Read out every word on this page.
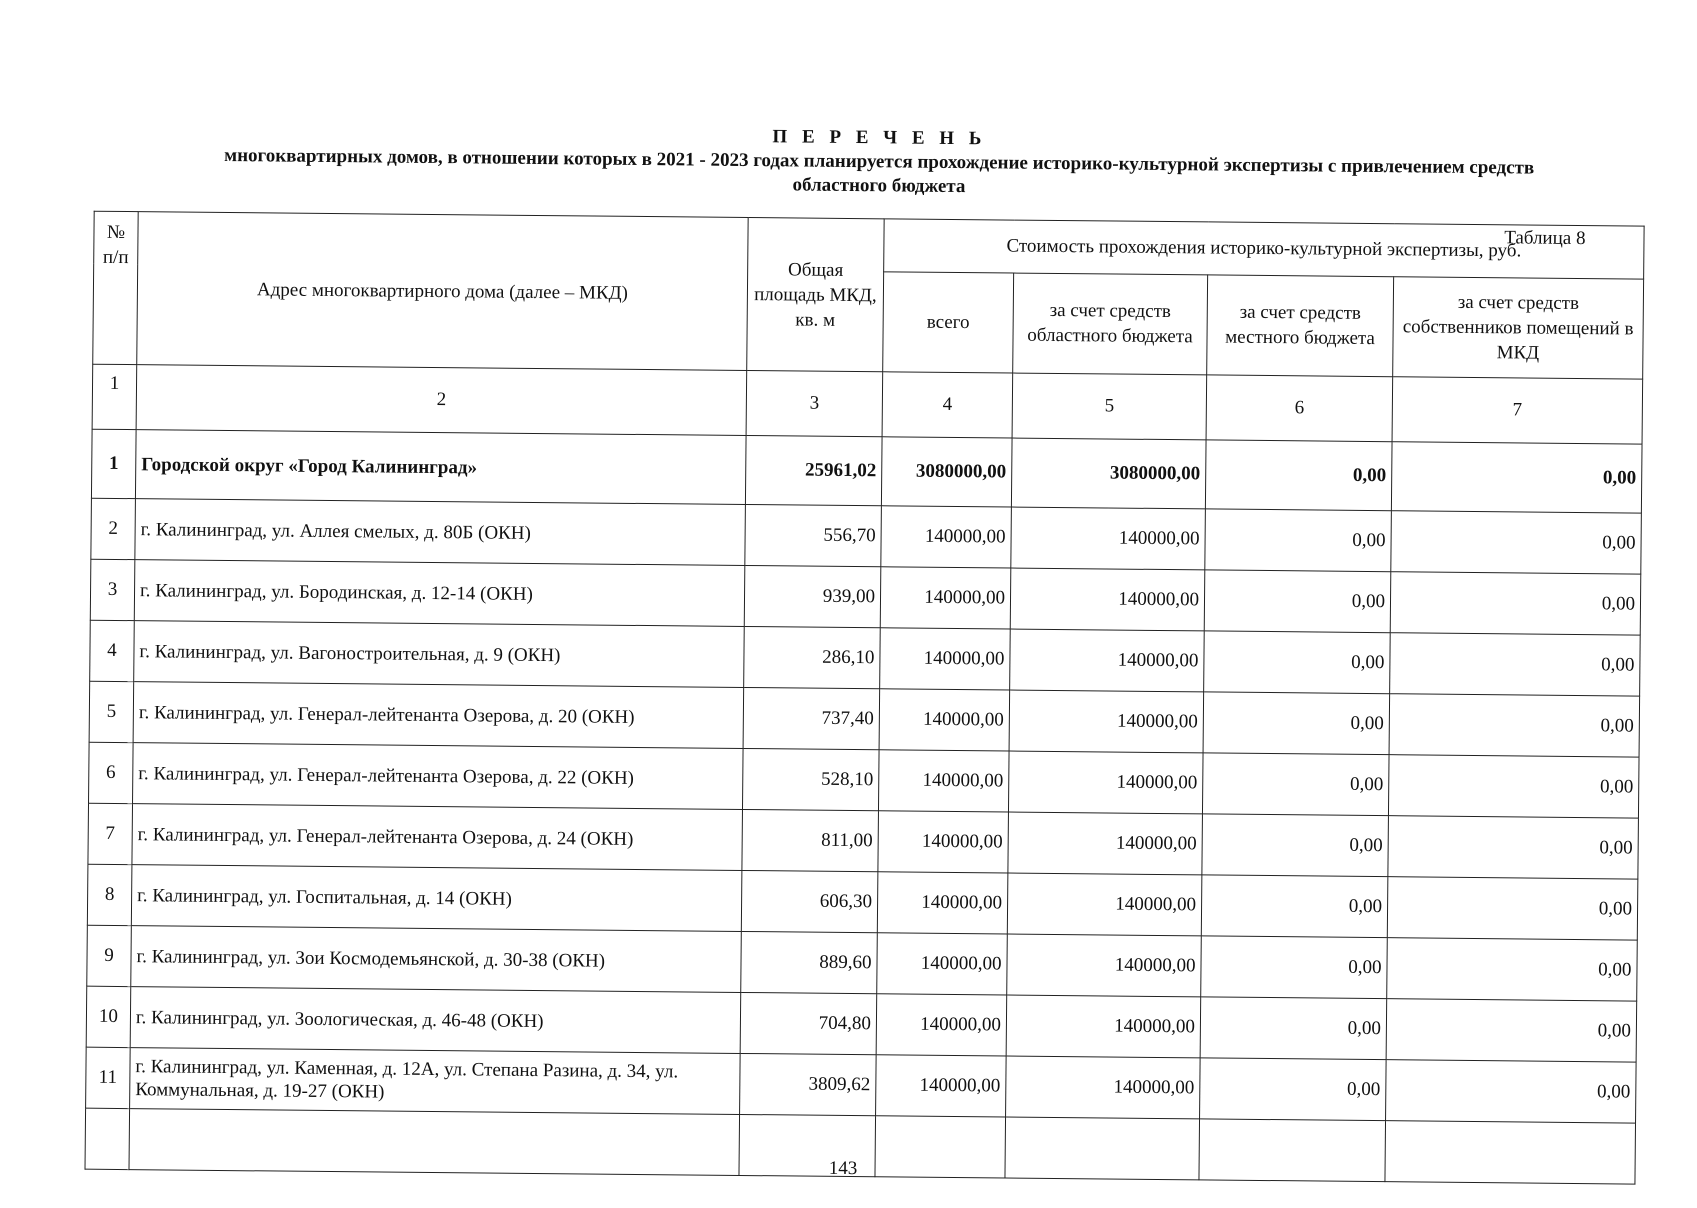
П Е Р Е Ч Е Н Ь
многоквартирных домов, в отношении которых в 2021 - 2023 годах планируется прохождение историко-культурной экспертизы с привлечением средств
областного бюджета
№ п/п	Адрес многоквартирного дома (далее – МКД)	Общая площадь МКД, кв. м	Стоимость прохождения историко-культурной экспертизы, руб.			
			всего	за счет средств областного бюджета	за счет средств местного бюджета	за счет средств собственников помещений в МКД
1	2	3	4	5	6	7
1	Городской округ «Город Калининград»	25961,02	3080000,00	3080000,00	0,00	0,00
2	г. Калининград, ул. Аллея смелых, д. 80Б (ОКН)	556,70	140000,00	140000,00	0,00	0,00
3	г. Калининград, ул. Бородинская, д. 12-14 (ОКН)	939,00	140000,00	140000,00	0,00	0,00
4	г. Калининград, ул. Вагоностроительная, д. 9 (ОКН)	286,10	140000,00	140000,00	0,00	0,00
5	г. Калининград, ул. Генерал-лейтенанта Озерова, д. 20 (ОКН)	737,40	140000,00	140000,00	0,00	0,00
6	г. Калининград, ул. Генерал-лейтенанта Озерова, д. 22 (ОКН)	528,10	140000,00	140000,00	0,00	0,00
7	г. Калининград, ул. Генерал-лейтенанта Озерова, д. 24 (ОКН)	811,00	140000,00	140000,00	0,00	0,00
8	г. Калининград, ул. Госпитальная, д. 14 (ОКН)	606,30	140000,00	140000,00	0,00	0,00
9	г. Калининград, ул. Зои Космодемьянской, д. 30-38 (ОКН)	889,60	140000,00	140000,00	0,00	0,00
10	г. Калининград, ул. Зоологическая, д. 46-48 (ОКН)	704,80	140000,00	140000,00	0,00	0,00
11	г. Калининград, ул. Каменная, д. 12А, ул. Степана Разина, д. 34, ул. Коммунальная, д. 19-27 (ОКН)	3809,62	140000,00	140000,00	0,00	0,00

Таблица 8
143
